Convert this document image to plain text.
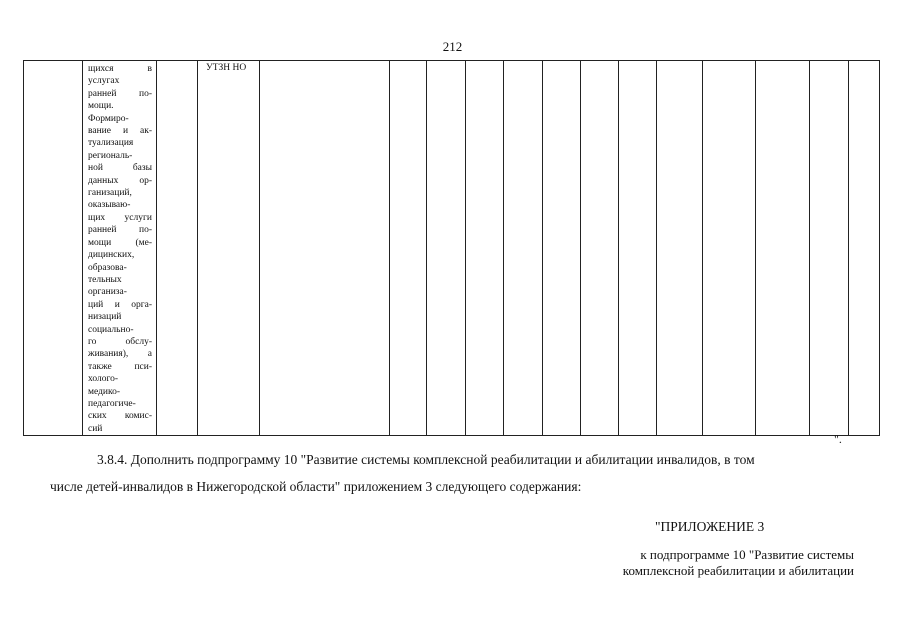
212

щихся	в
услугах
ранней по-
мощи.
Формиро-
вание и ак-
туализация
региональ-
ной	базы
данных ор-
ганизаций,
оказываю-
щих услуги
ранней по-
мощи	(ме-
дицинских,
образова-
тельных
организа-
ций и орга-
низаций
социально-
го	обслу-
живания), а
также пси-
холого-
медико-
педагогиче-
ских комис-
сий

УТЗН НО

".
3.8.4. Дополнить подпрограмму 10 "Развитие системы комплексной реабилитации и абилитации инвалидов, в том
числе детей-инвалидов в Нижегородской области" приложением 3 следующего содержания:
"ПРИЛОЖЕНИЕ 3
к подпрограмме 10 "Развитие системы
комплексной реабилитации и абилитации
